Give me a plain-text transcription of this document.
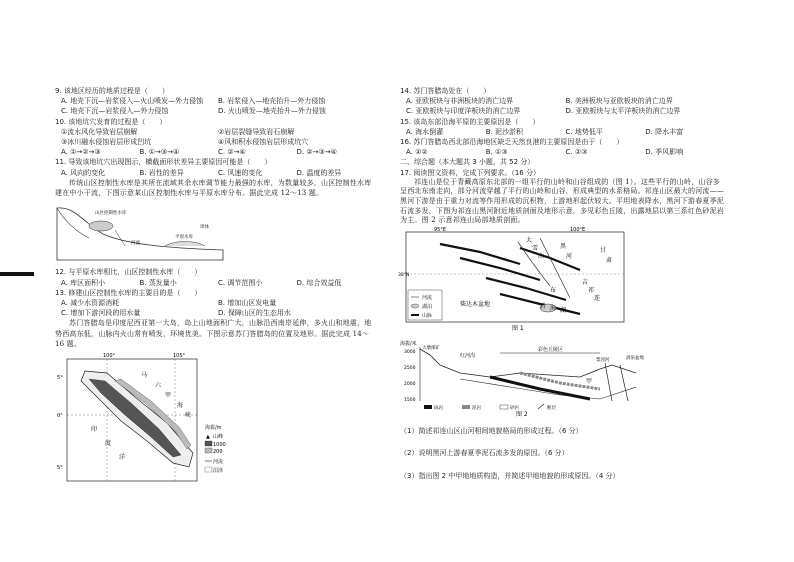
9. 该地区经历的地质过程是（　　）

A. 地壳下沉—岩浆侵入—火山喷发—外力侵蚀	B. 岩浆侵入—地壳抬升—外力侵蚀
C. 地壳下沉—岩浆侵入—外力侵蚀	D. 火山喷发—地壳抬升—外力侵蚀

10. 该地坑穴发育的过程是（　　）

①流水风化导致岩层崩解	②岩层裂缝导致岩石崩解
③冰川融水侵蚀岩层形成凹坑	④风和积水侵蚀岩层形成坑穴
A. ①→②→③	B. ①→③→④	C. ②→④	D. ②→③→④

11. 导致该地坑穴出现图示，横截面形状差异主要原因可能是（　　）

A. 风向的变化	B. 岩性的差异	C. 风速的变化	D. 温度的差异

传统山区控制性水库是其所在流域其余水库调节能力最强的水库，为数量较多，山区控制性水库建在中小干流，下图示意某山区控制性水库与平原水库分布。据此完成 12～13 题。

山区控制性水库
平原水库
河流
坝体

12. 与平原水库相比，山区控制性水库（　　）

A. 库区面积小	B. 蒸发量小	C. 调节范围小	D. 综合效益低

13. 修建山区控制性水库的主要目的是（　　）

A. 减少水资源消耗	B. 增加山区发电量
C. 增加下游河段的用水量	D. 保障山区的生态用水

苏门答腊岛是印度尼西亚第一大岛，岛上山地面积广大，山脉沿西南岸延伸，多火山和地震，地势西高东低，山脉内火山常有喷发，环境优美。下图示意苏门答腊岛的位置及地形。据此完成 14～16 题。

100°	105°
5°
0°
5°
马
六
甲
海
峡
印
度
洋
海拔/m
▲ 山峰
1000
200
河流
沼泽

14. 苏门答腊岛处在（　　）

A. 亚欧板块与非洲板块的消亡边界	B. 美洲板块与亚欧板块的消亡边界
C. 亚欧板块与印度洋板块的消亡边界	D. 亚欧板块与太平洋板块的消亡边界

15. 该岛东部沿海平原的主要原因是（　　）

A. 海水倒灌	B. 泥沙淤积	C. 地势低平	D. 降水丰富

16. 苏门答腊岛西北部沿海地区缺乏天然良港的主要原因是由于（　　）

A. ①②	B. ①③	C. ②③	D. 季风影响

二、综合题（本大题共 3 小题，共 52 分）

17. 阅读图文资料，完成下列要求。（16 分）

祁连山是位于青藏高原东北部的一组平行的山岭和山谷组成的（图 1）。这些平行的山岭，山谷多呈西北东南走向，部分河流穿越了平行的山岭和山谷，形成典型的水系格局。祁连山区最大的河流——黑河下游是由于重力对流等作用形成的沉积物，上游地形起伏较大。平坦地表降水，黑河下游春夏季泥石流多发，下图为祁连山黑河附近地质剖面及地形示意，多见彩色丘陵，出露地层以第三系红色砂泥岩为主。图 2 示意祁连山局部地质剖面。

95°E	100°E
38°N
大
雪
山
黑
河
布
青 海 湖
吉
祁
连
柴达木盆地
甘
肃
河流
湖泊
山脉
图 1

海拔/米
3000
2500
2000
1500
大墩煤矿
红河沟
彩色丘陵区
甲
梨园河	酒泉盆地
砾岩	泥岩	砂岩	断层
图 2

（1）简述祁连山区山河相间地貌格局的形成过程。（6 分）

（2）说明黑河上游春夏季泥石流多发的原因。（6 分）

（3）指出图 2 中甲地地质构造，并简述甲地地貌的形成原因。（4 分）
